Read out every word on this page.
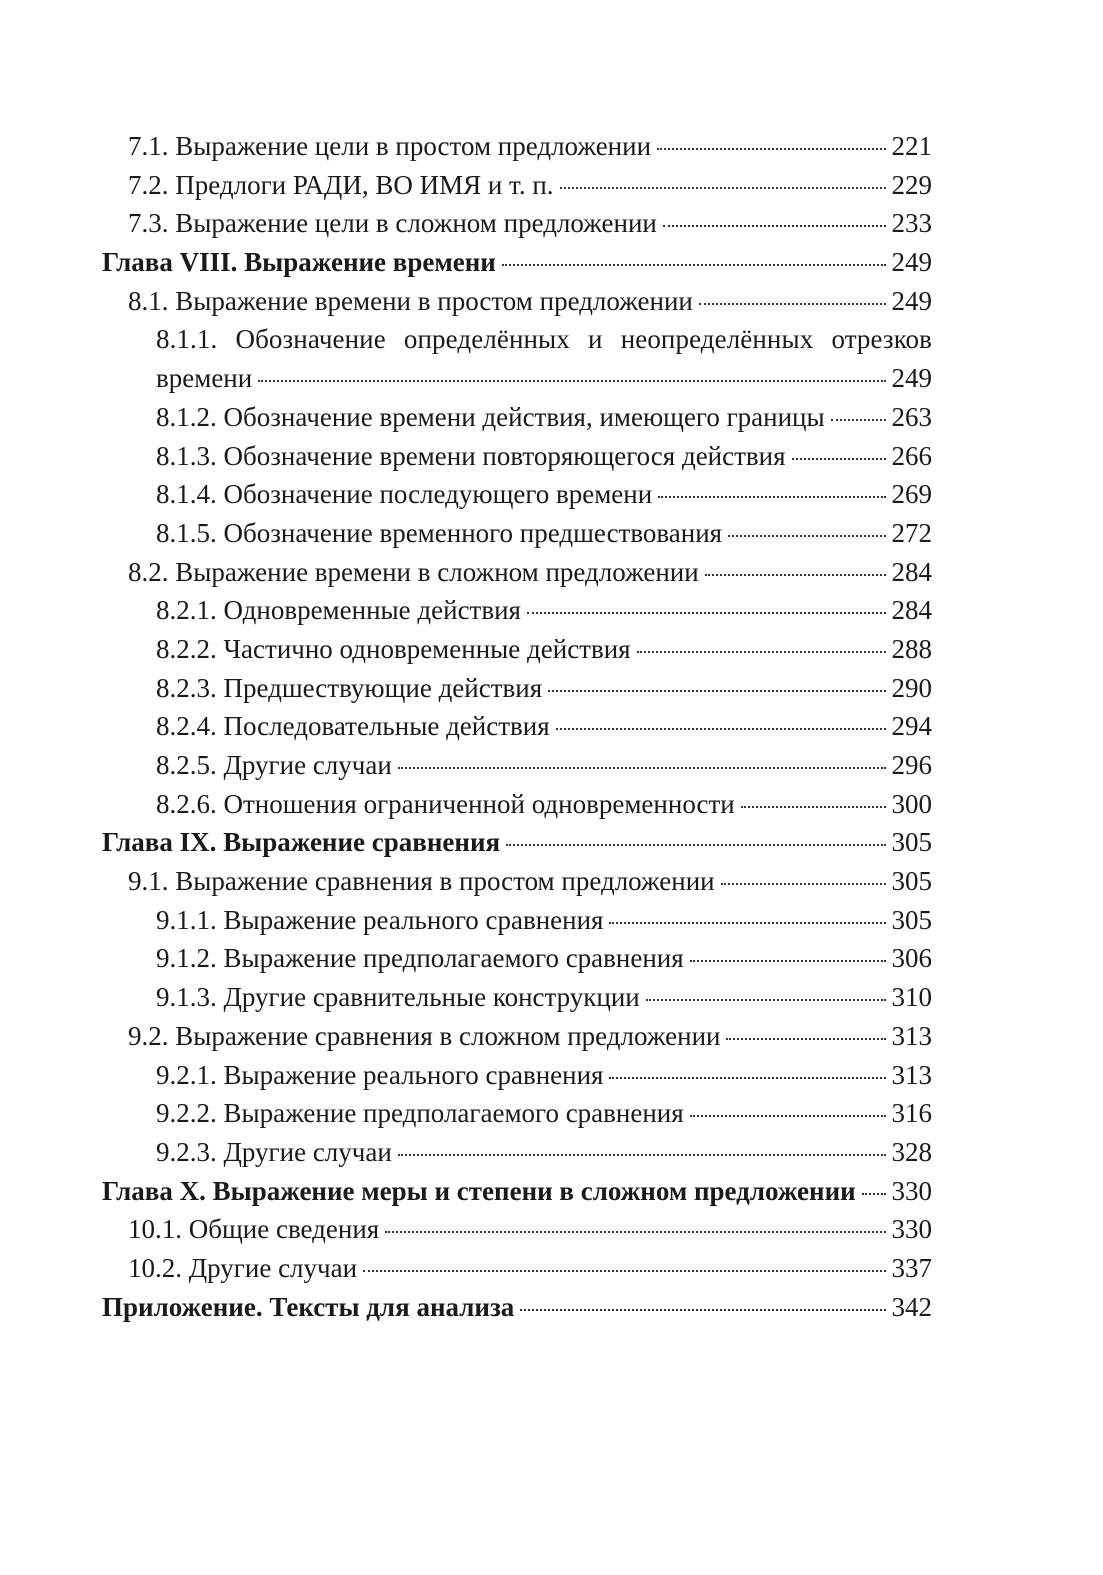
7.1. Выражение цели в простом предложении	221
7.2. Предлоги РАДИ, ВО ИМЯ и т. п.	229
7.3. Выражение цели в сложном предложении	233
Глава VIII. Выражение времени	249
8.1. Выражение времени в простом предложении	249
8.1.1. Обозначение определённых и неопределённых отрезков
времени	249
8.1.2. Обозначение времени действия, имеющего границы 263
8.1.3. Обозначение времени повторяющегося действия	266
8.1.4. Обозначение последующего времени	269
8.1.5. Обозначение временного предшествования	272
8.2. Выражение времени в сложном предложении	284
8.2.1. Одновременные действия	284
8.2.2. Частично одновременные действия	288
8.2.3. Предшествующие действия	290
8.2.4. Последовательные действия	294
8.2.5. Другие случаи	296
8.2.6. Отношения ограниченной одновременности	300
Глава IX. Выражение сравнения	305
9.1. Выражение сравнения в простом предложении	305
9.1.1. Выражение реального сравнения	305
9.1.2. Выражение предполагаемого сравнения	306
9.1.3. Другие сравнительные конструкции	310
9.2. Выражение сравнения в сложном предложении	313
9.2.1. Выражение реального сравнения	313
9.2.2. Выражение предполагаемого сравнения	316
9.2.3. Другие случаи	328
Глава X. Выражение меры и степени в сложном предложении 330
10.1. Общие сведения	330
10.2. Другие случаи	337
Приложение. Тексты для анализа	342
